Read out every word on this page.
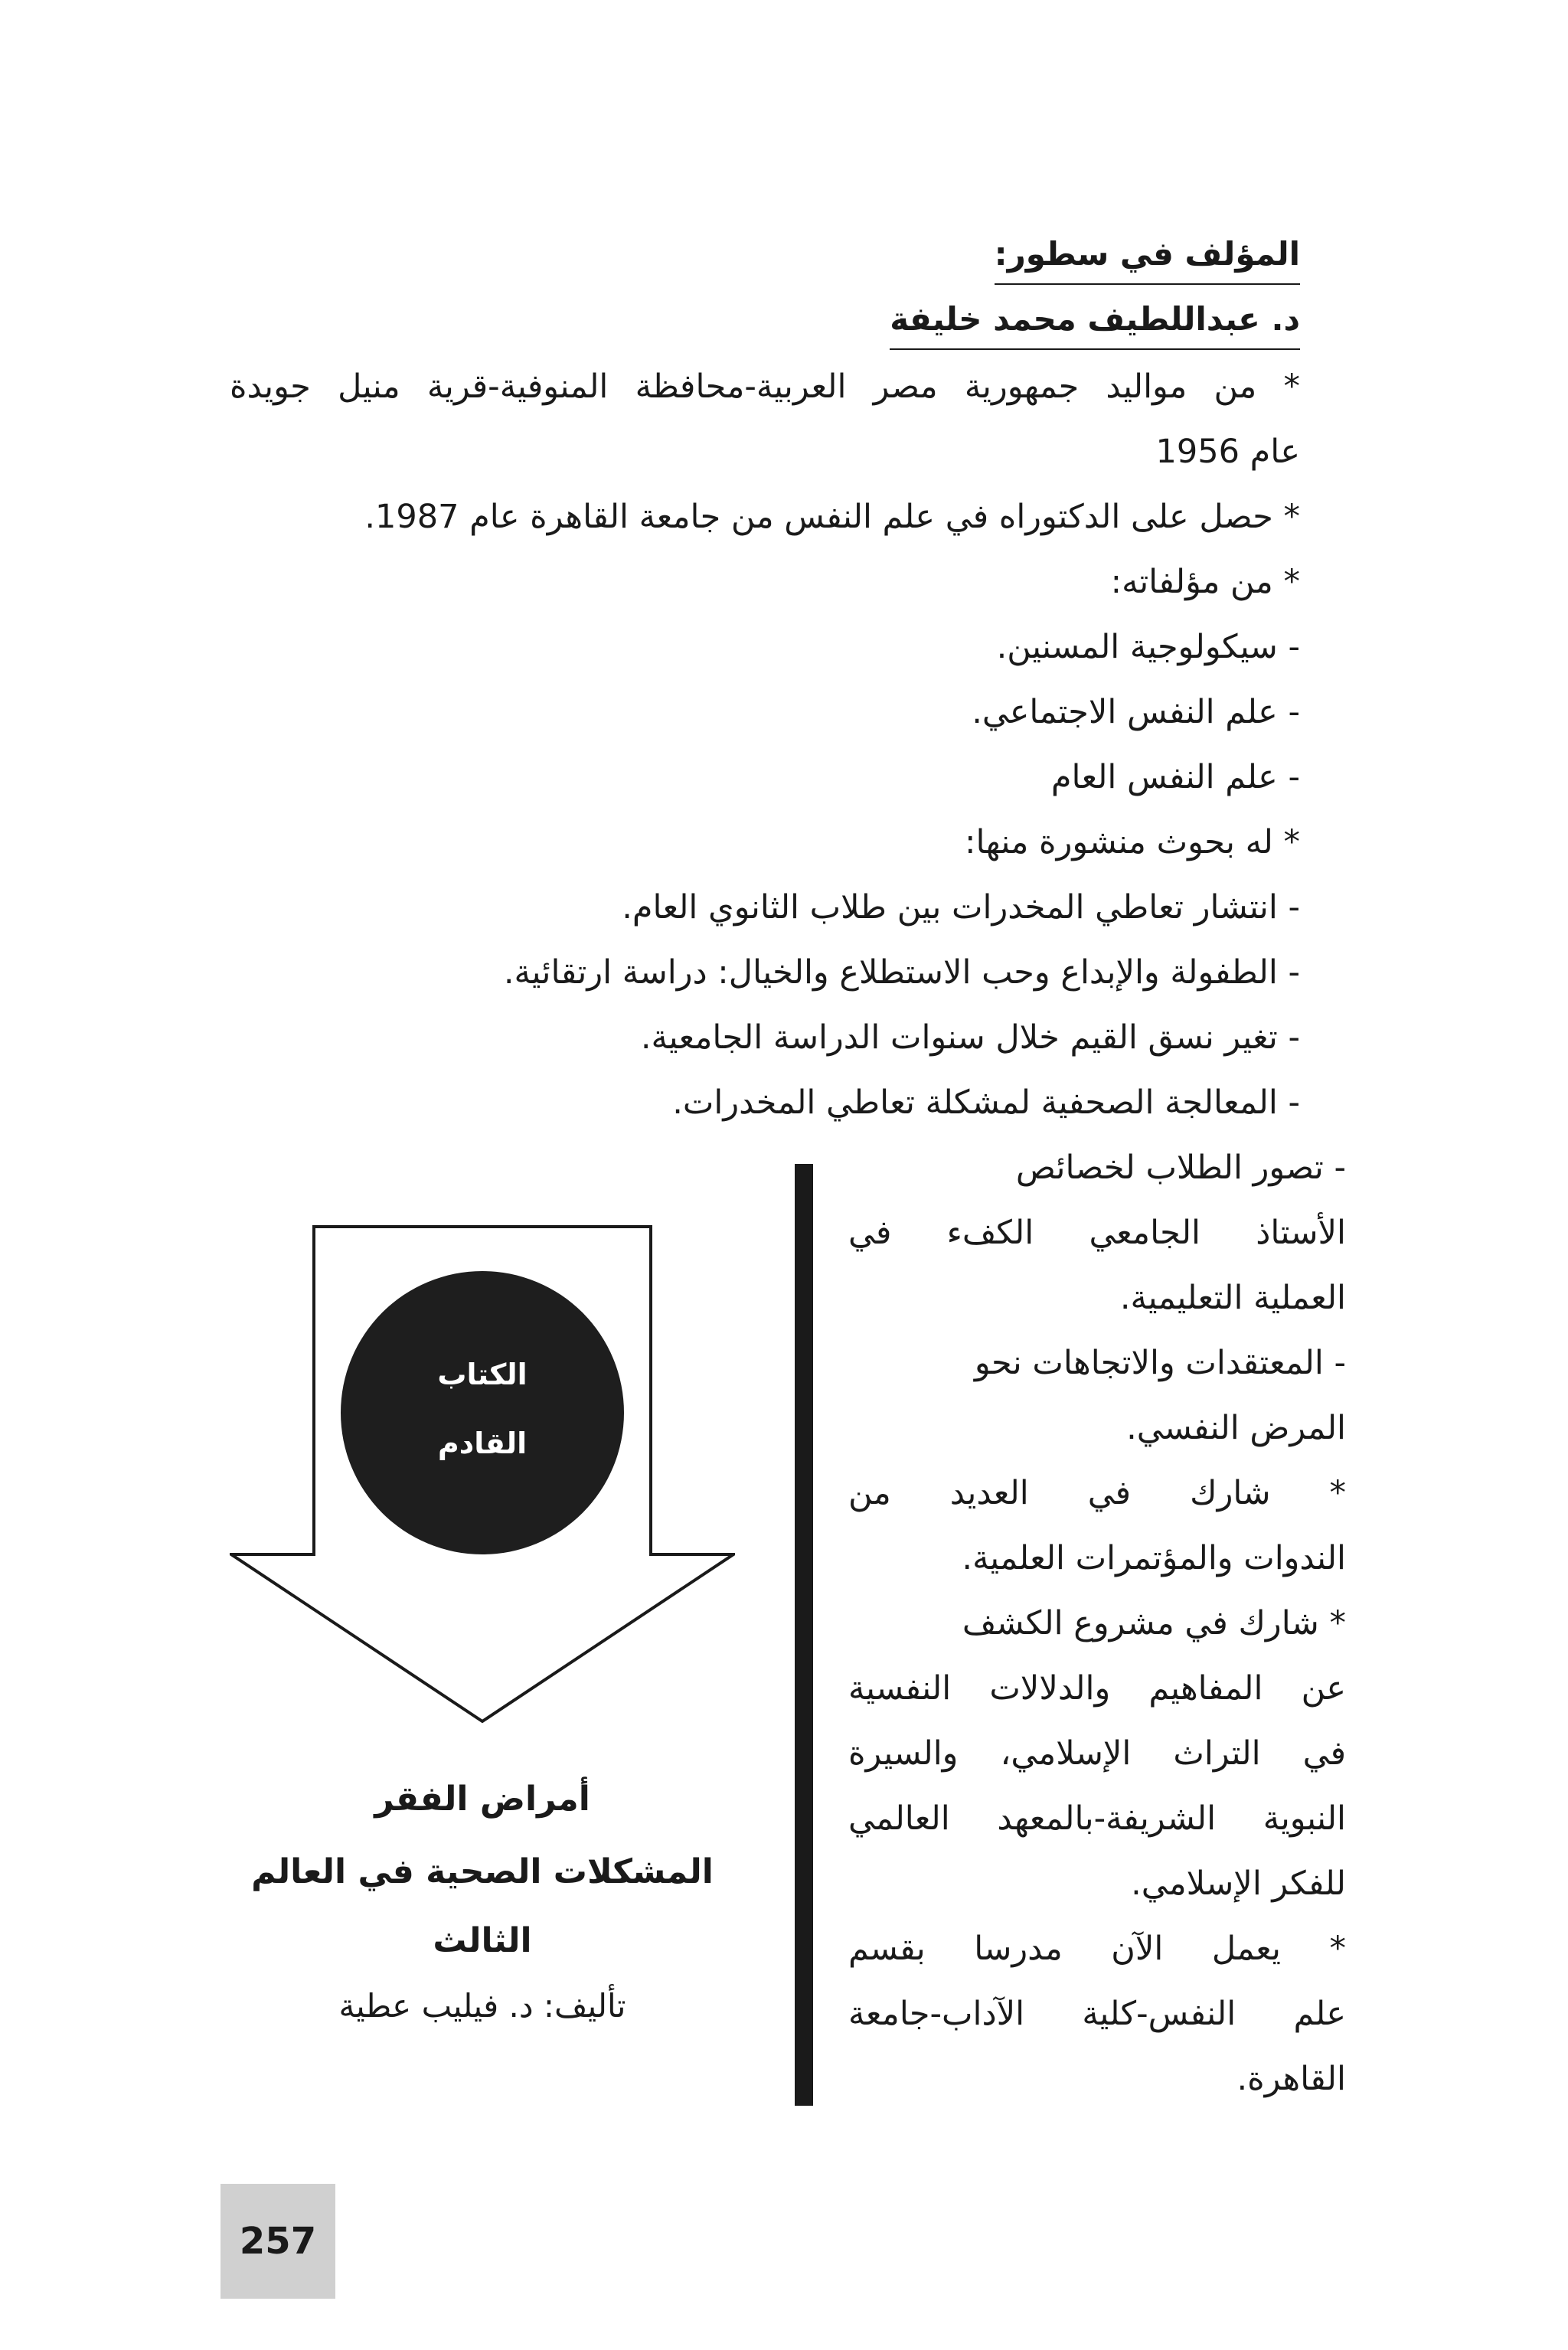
المؤلف في سطور:
د. عبداللطيف محمد خليفة
* من مواليد جمهورية مصر العربية-محافظة المنوفية-قرية منيل جويدة
عام 1956
* حصل على الدكتوراه في علم النفس من جامعة القاهرة عام 1987.
* من مؤلفاته:
- سيكولوجية المسنين.
- علم النفس الاجتماعي.
- علم النفس العام
* له بحوث منشورة منها:
- انتشار تعاطي المخدرات بين طلاب الثانوي العام.
- الطفولة والإبداع وحب الاستطلاع والخيال: دراسة ارتقائية.
- تغير نسق القيم خلال سنوات الدراسة الجامعية.
- المعالجة الصحفية لمشكلة تعاطي المخدرات.
- تصور الطلاب لخصائص
الأستاذ الجامعي الكفء في
العملية التعليمية.
- المعتقدات والاتجاهات نحو
المرض النفسي.
* شارك في العديد من
الندوات والمؤتمرات العلمية.
* شارك في مشروع الكشف
عن المفاهيم والدلالات النفسية
في التراث الإسلامي، والسيرة
النبوية الشريفة-بالمعهد العالمي
للفكر الإسلامي.
* يعمل الآن مدرسا بقسم
علم النفس-كلية الآداب-جامعة
القاهرة.
الكتاب
القادم
أمراض الفقر
المشكلات الصحية في العالم
الثالث
تأليف: د. فيليب عطية
257
